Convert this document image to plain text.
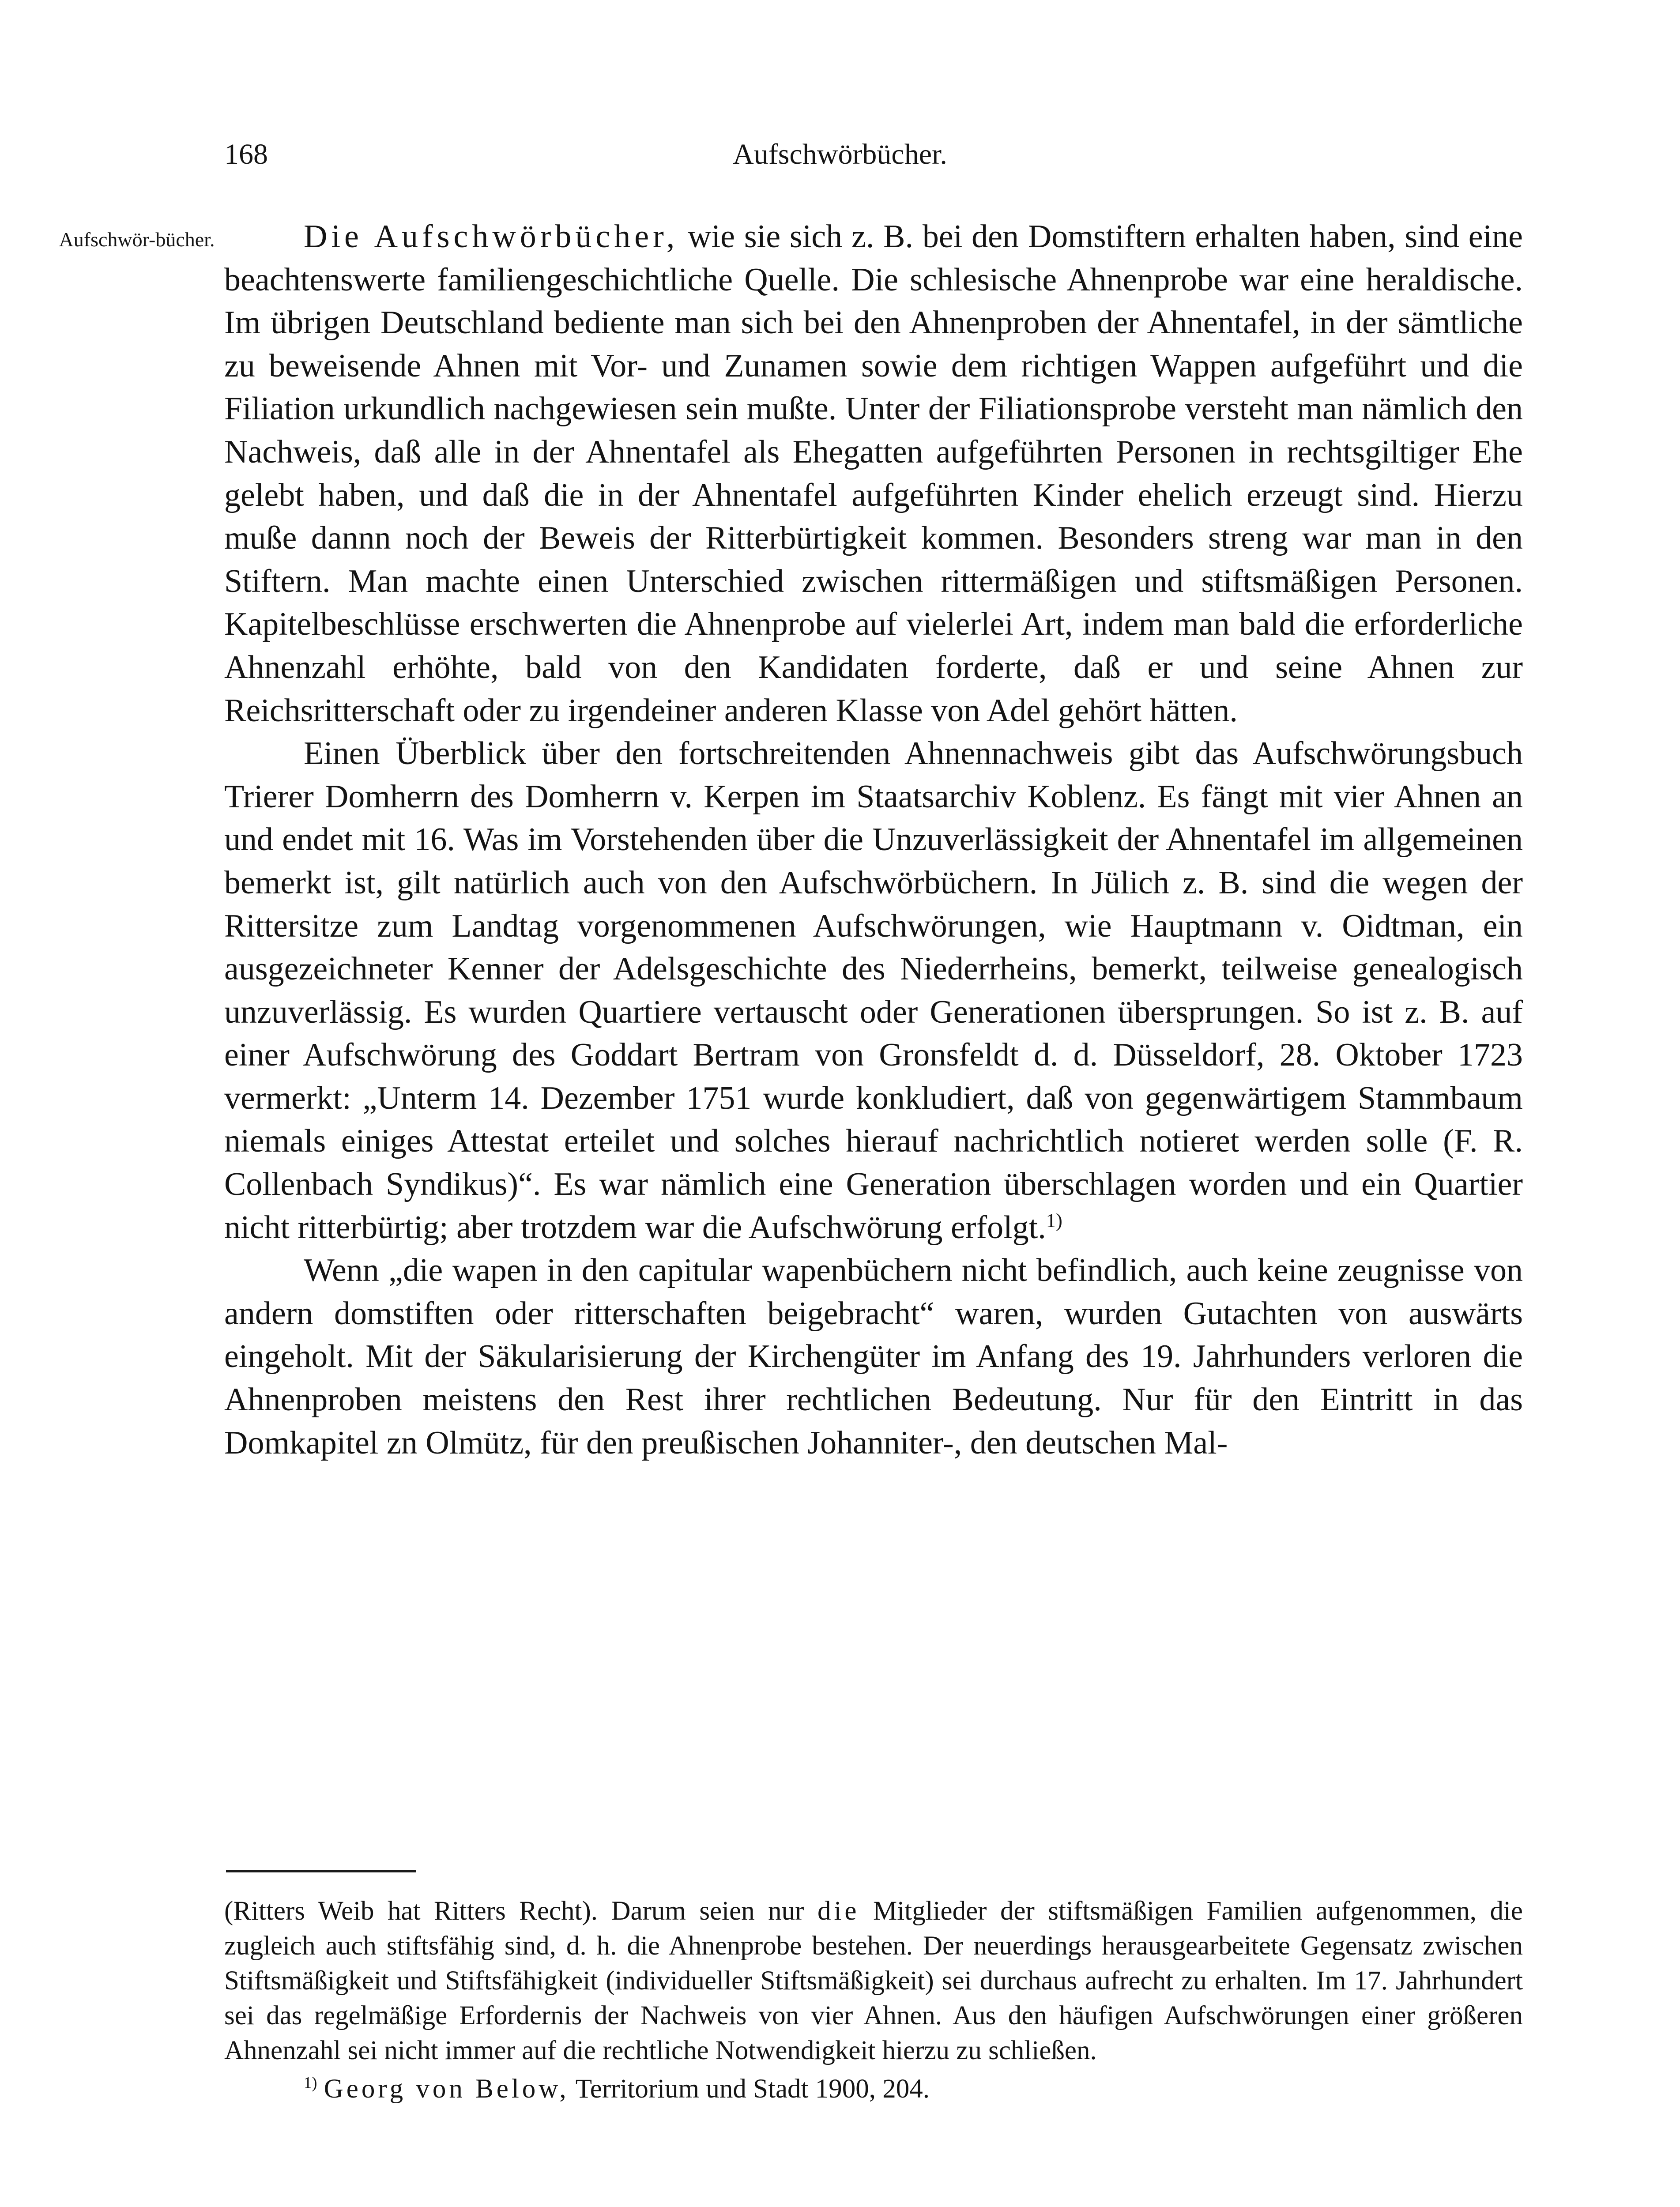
168	Aufschwörbücher.
Aufschwör-bücher.	Die Aufschwörbücher, wie sie sich z. B. bei den Domstiftern erhalten haben, sind eine beachtenswerte familiengeschichtliche Quelle. Die schlesische Ahnenprobe war eine heraldische. Im übrigen Deutschland bediente man sich bei den Ahnenproben der Ahnentafel, in der sämtliche zu beweisende Ahnen mit Vor- und Zunamen sowie dem richtigen Wappen aufgeführt und die Filiation urkundlich nachgewiesen sein mußte. Unter der Filiationsprobe versteht man nämlich den Nachweis, daß alle in der Ahnentafel als Ehegatten aufgeführten Personen in rechtsgiltiger Ehe gelebt haben, und daß die in der Ahnentafel aufgeführten Kinder ehelich erzeugt sind. Hierzu muße dannn noch der Beweis der Ritterbürtigkeit kommen. Besonders streng war man in den Stiftern. Man machte einen Unterschied zwischen rittermäßigen und stiftsmäßigen Personen. Kapitelbeschlüsse erschwerten die Ahnenprobe auf vielerlei Art, indem man bald die erforderliche Ahnenzahl erhöhte, bald von den Kandidaten forderte, daß er und seine Ahnen zur Reichsritterschaft oder zu irgendeiner anderen Klasse von Adel gehört hätten.

Einen Überblick über den fortschreitenden Ahnennachweis gibt das Aufschwörungsbuch Trierer Domherrn des Domherrn v. Kerpen im Staatsarchiv Koblenz. Es fängt mit vier Ahnen an und endet mit 16. Was im Vorstehenden über die Unzuverlässigkeit der Ahnentafel im allgemeinen bemerkt ist, gilt natürlich auch von den Aufschwörbüchern. In Jülich z. B. sind die wegen der Rittersitze zum Landtag vorgenommenen Aufschwörungen, wie Hauptmann v. Oidtman, ein ausgezeichneter Kenner der Adelsgeschichte des Niederrheins, bemerkt, teilweise genealogisch unzuverlässig. Es wurden Quartiere vertauscht oder Generationen übersprungen. So ist z. B. auf einer Aufschwörung des Goddart Bertram von Gronsfeldt d. d. Düsseldorf, 28. Oktober 1723 vermerkt: „Unterm 14. Dezember 1751 wurde konkludiert, daß von gegenwärtigem Stammbaum niemals einiges Attestat erteilet und solches hierauf nachrichtlich notieret werden solle (F. R. Collenbach Syndikus)“. Es war nämlich eine Generation überschlagen worden und ein Quartier nicht ritterbürtig; aber trotzdem war die Aufschwörung erfolgt.$^{1)}$

Wenn „die wapen in den capitular wapenbüchern nicht befindlich, auch keine zeugnisse von andern domstiften oder ritterschaften beigebracht“ waren, wurden Gutachten von auswärts eingeholt. Mit der Säkularisierung der Kirchengüter im Anfang des 19. Jahrhunders verloren die Ahnenproben meistens den Rest ihrer rechtlichen Bedeutung. Nur für den Eintritt in das Domkapitel zn Olmütz, für den preußischen Johanniter-, den deutschen Mal-

(Ritters Weib hat Ritters Recht). Darum seien nur die Mitglieder der stiftsmäßigen Familien aufgenommen, die zugleich auch stiftsfähig sind, d. h. die Ahnenprobe bestehen. Der neuerdings herausgearbeitete Gegensatz zwischen Stiftsmäßigkeit und Stiftsfähigkeit (individueller Stiftsmäßigkeit) sei durchaus aufrecht zu erhalten. Im 17. Jahrhundert sei das regelmäßige Erfordernis der Nachweis von vier Ahnen. Aus den häufigen Aufschwörungen einer größeren Ahnenzahl sei nicht immer auf die rechtliche Notwendigkeit hierzu zu schließen.

$^{1)}$ Georg von Below, Territorium und Stadt 1900, 204.
